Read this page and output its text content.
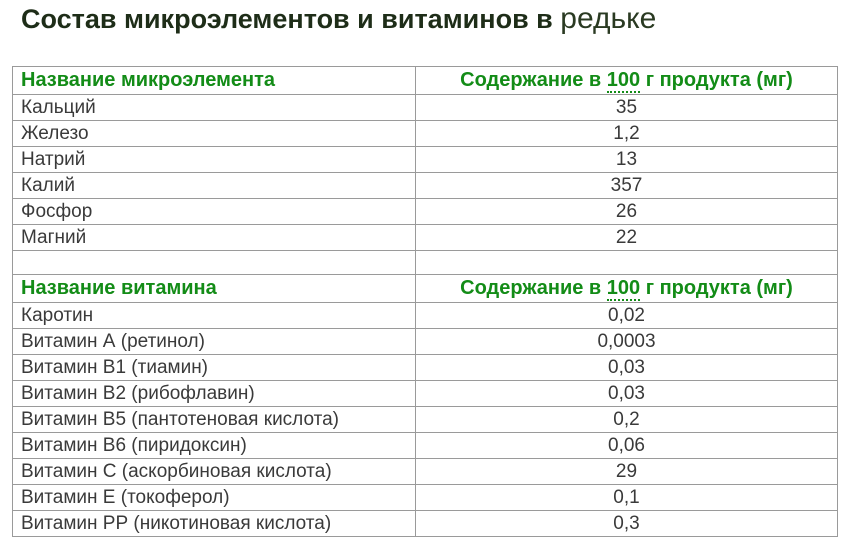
Состав микроэлементов и витаминов в редьке
Название микроэлемента	Содержание в 100 г продукта (мг)
Кальций	35
Железо	1,2
Натрий	13
Калий	357
Фосфор	26
Магний	22

Название витамина	Содержание в 100 г продукта (мг)
Каротин	0,02
Витамин А (ретинол)	0,0003
Витамин В1 (тиамин)	0,03
Витамин В2 (рибофлавин)	0,03
Витамин В5 (пантотеновая кислота)	0,2
Витамин В6 (пиридоксин)	0,06
Витамин С (аскорбиновая кислота)	29
Витамин Е (токоферол)	0,1
Витамин РР (никотиновая кислота)	0,3
